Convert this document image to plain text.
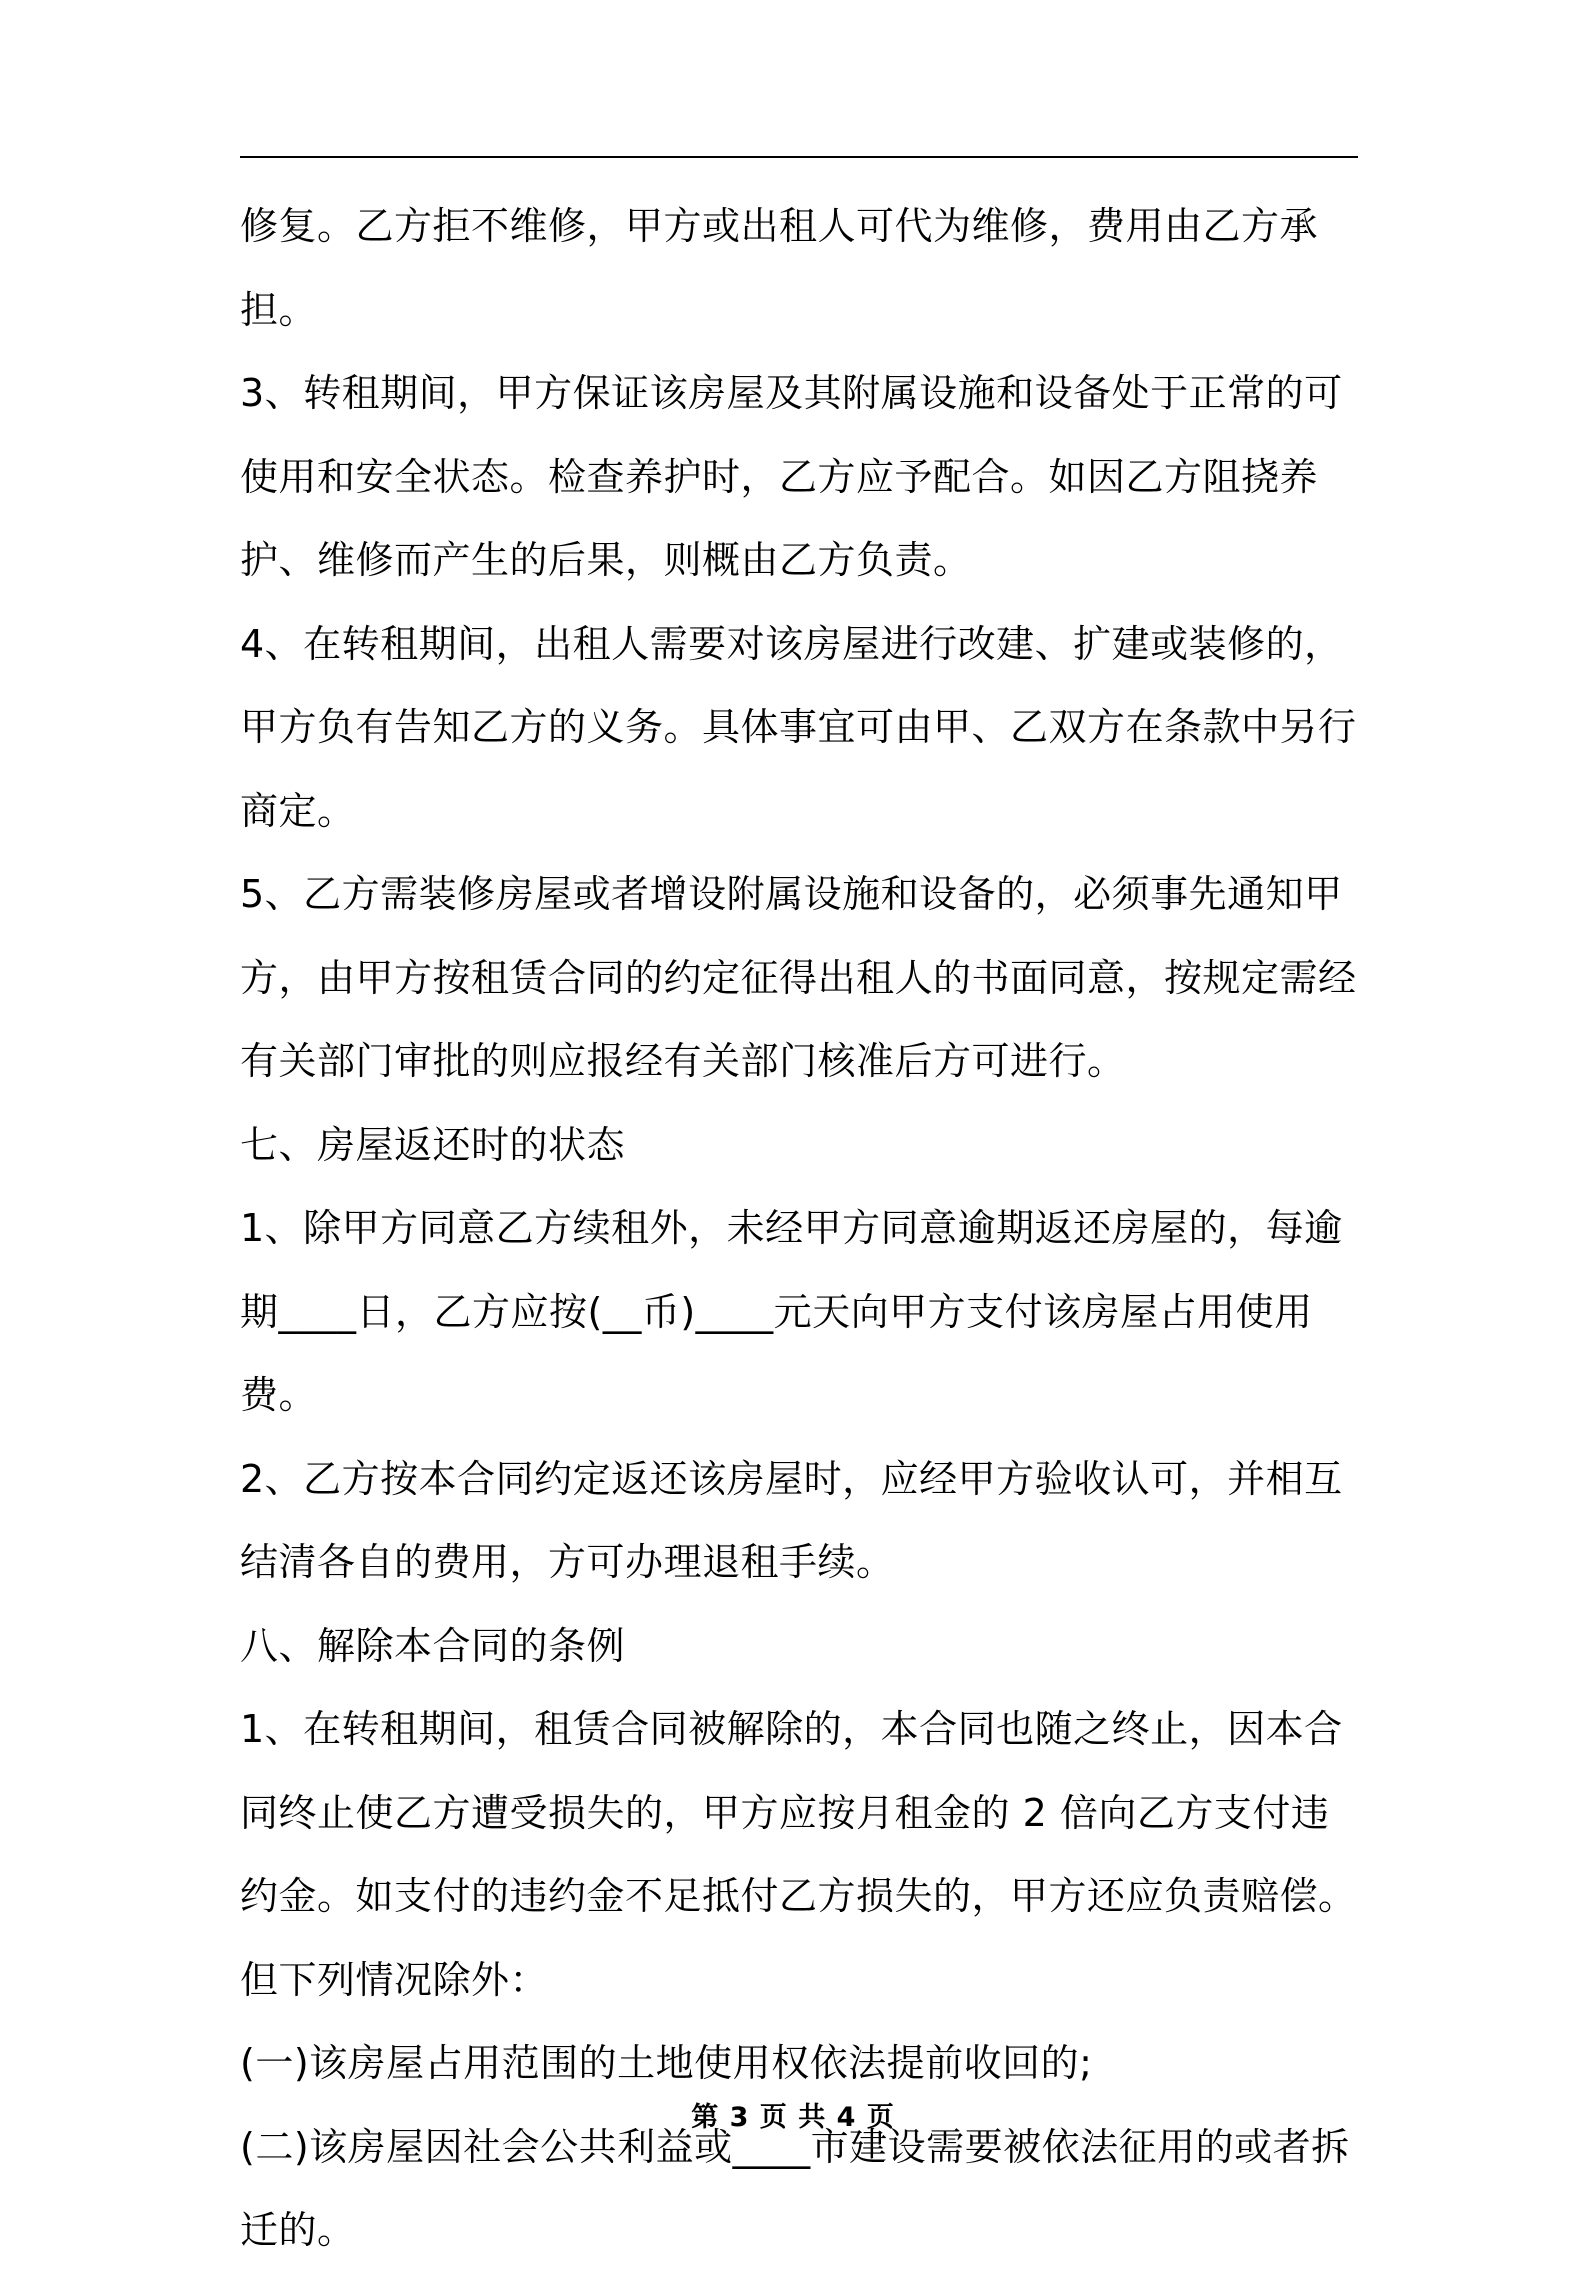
修复。乙方拒不维修，甲方或出租人可代为维修，费用由乙方承担。

3、转租期间，甲方保证该房屋及其附属设施和设备处于正常的可使用和安全状态。检查养护时，乙方应予配合。如因乙方阻挠养护、维修而产生的后果，则概由乙方负责。

4、在转租期间，出租人需要对该房屋进行改建、扩建或装修的，甲方负有告知乙方的义务。具体事宜可由甲、乙双方在条款中另行商定。

5、乙方需装修房屋或者增设附属设施和设备的，必须事先通知甲方，由甲方按租赁合同的约定征得出租人的书面同意，按规定需经有关部门审批的则应报经有关部门核准后方可进行。

七、房屋返还时的状态

1、除甲方同意乙方续租外，未经甲方同意逾期返还房屋的，每逾期____日，乙方应按(__币)____元天向甲方支付该房屋占用使用费。

2、乙方按本合同约定返还该房屋时，应经甲方验收认可，并相互结清各自的费用，方可办理退租手续。

八、解除本合同的条例

1、在转租期间，租赁合同被解除的，本合同也随之终止，因本合同终止使乙方遭受损失的，甲方应按月租金的 2 倍向乙方支付违约金。如支付的违约金不足抵付乙方损失的，甲方还应负责赔偿。但下列情况除外：

(一)该房屋占用范围的土地使用权依法提前收回的;

(二)该房屋因社会公共利益或____市建设需要被依法征用的或者拆迁的。

第 3 页 共 4 页
